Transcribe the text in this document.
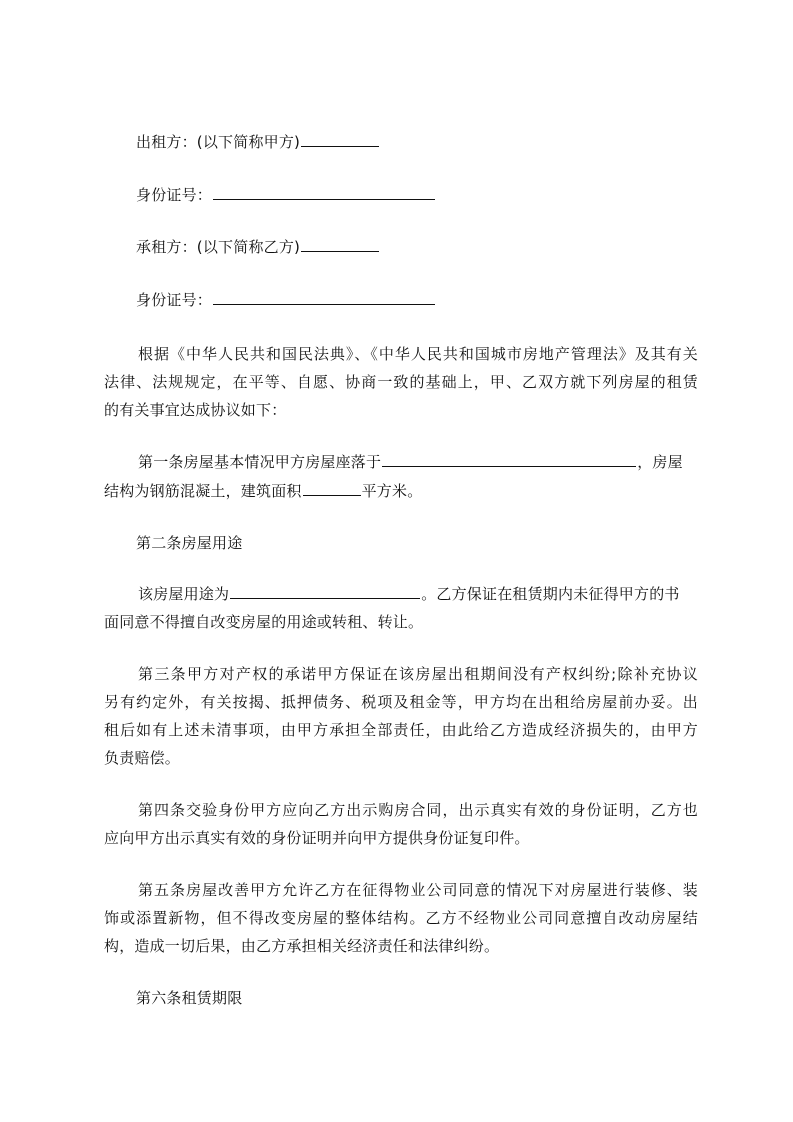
出租方：(以下简称甲方)
身份证号：
承租方：(以下简称乙方)
身份证号：
根据《中华人民共和国民法典》、《中华人民共和国城市房地产管理法》及其有关
法律、法规规定，在平等、自愿、协商一致的基础上，甲、乙双方就下列房屋的租赁
的有关事宜达成协议如下：
第一条房屋基本情况甲方房屋座落于	，房屋
结构为钢筋混凝土，建筑面积	平方米。
第二条房屋用途
该房屋用途为	。乙方保证在租赁期内未征得甲方的书
面同意不得擅自改变房屋的用途或转租、转让。
第三条甲方对产权的承诺甲方保证在该房屋出租期间没有产权纠纷;除补充协议
另有约定外，有关按揭、抵押债务、税项及租金等，甲方均在出租给房屋前办妥。出
租后如有上述未清事项，由甲方承担全部责任，由此给乙方造成经济损失的，由甲方
负责赔偿。
第四条交验身份甲方应向乙方出示购房合同，出示真实有效的身份证明，乙方也
应向甲方出示真实有效的身份证明并向甲方提供身份证复印件。
第五条房屋改善甲方允许乙方在征得物业公司同意的情况下对房屋进行装修、装
饰或添置新物，但不得改变房屋的整体结构。乙方不经物业公司同意擅自改动房屋结
构，造成一切后果，由乙方承担相关经济责任和法律纠纷。
第六条租赁期限
